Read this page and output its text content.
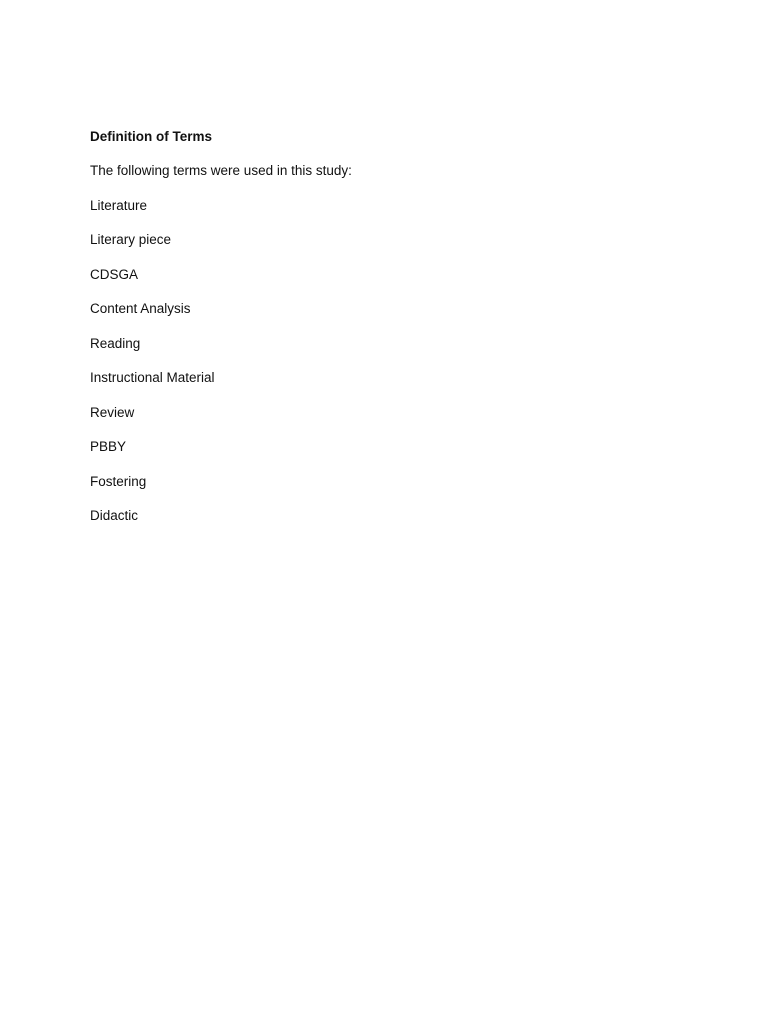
Definition of Terms
The following terms were used in this study:
Literature
Literary piece
CDSGA
Content Analysis
Reading
Instructional Material
Review
PBBY
Fostering
Didactic
